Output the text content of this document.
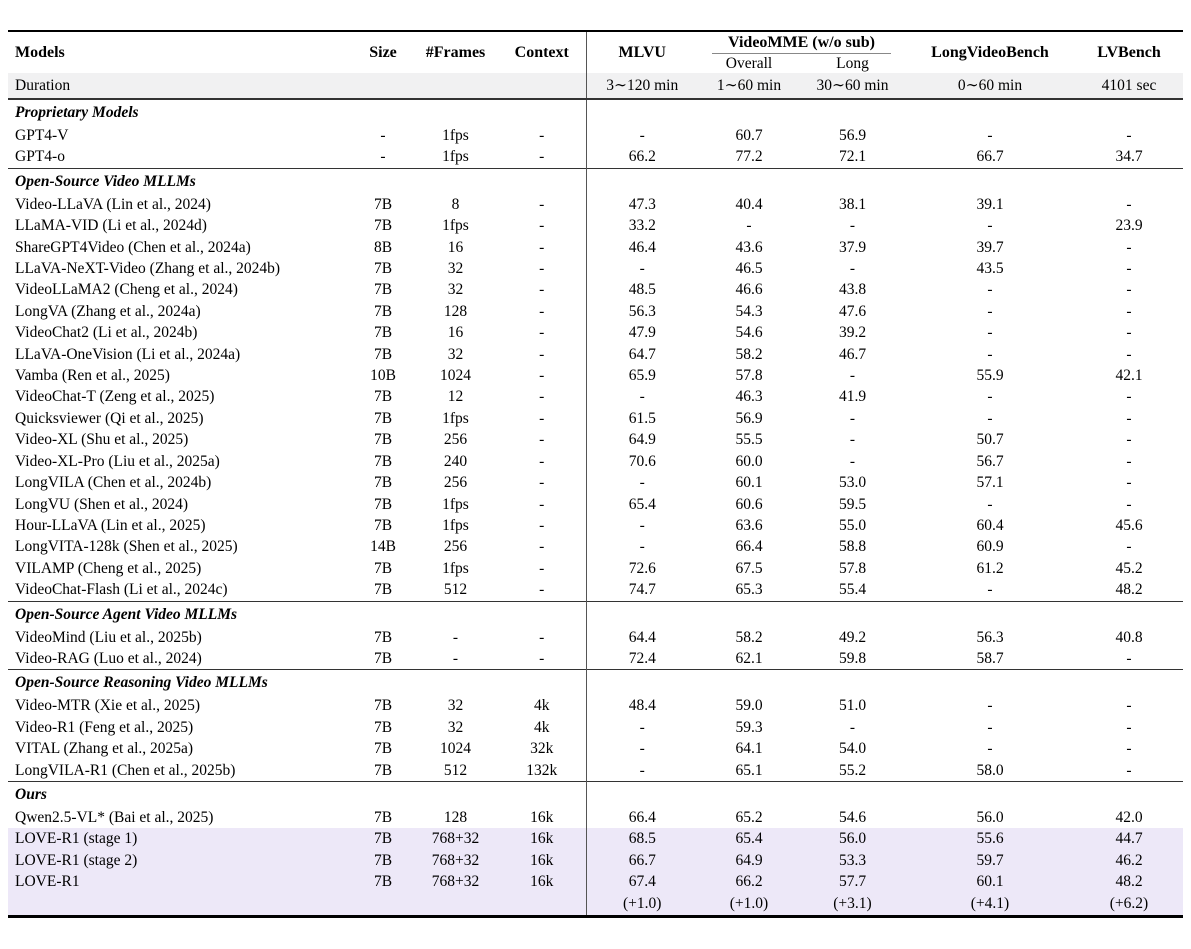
Models	Size	#Frames	Context	MLVU	VideoMME (w/o sub)		LongVideoBench	LVBench
					Overall	Long		
Duration				3∼120 min	1∼60 min	30∼60 min	0∼60 min	4101 sec
Proprietary Models								
GPT4-V	-	1fps	-	-	60.7	56.9	-	-
GPT4-o	-	1fps	-	66.2	77.2	72.1	66.7	34.7
Open-Source Video MLLMs								
Video-LLaVA (Lin et al., 2024)	7B	8	-	47.3	40.4	38.1	39.1	-
LLaMA-VID (Li et al., 2024d)	7B	1fps	-	33.2	-	-	-	23.9
ShareGPT4Video (Chen et al., 2024a)	8B	16	-	46.4	43.6	37.9	39.7	-
LLaVA-NeXT-Video (Zhang et al., 2024b)	7B	32	-	-	46.5	-	43.5	-
VideoLLaMA2 (Cheng et al., 2024)	7B	32	-	48.5	46.6	43.8	-	-
LongVA (Zhang et al., 2024a)	7B	128	-	56.3	54.3	47.6	-	-
VideoChat2 (Li et al., 2024b)	7B	16	-	47.9	54.6	39.2	-	-
LLaVA-OneVision (Li et al., 2024a)	7B	32	-	64.7	58.2	46.7	-	-
Vamba (Ren et al., 2025)	10B	1024	-	65.9	57.8	-	55.9	42.1
VideoChat-T (Zeng et al., 2025)	7B	12	-	-	46.3	41.9	-	-
Quicksviewer (Qi et al., 2025)	7B	1fps	-	61.5	56.9	-	-	-
Video-XL (Shu et al., 2025)	7B	256	-	64.9	55.5	-	50.7	-
Video-XL-Pro (Liu et al., 2025a)	7B	240	-	70.6	60.0	-	56.7	-
LongVILA (Chen et al., 2024b)	7B	256	-	-	60.1	53.0	57.1	-
LongVU (Shen et al., 2024)	7B	1fps	-	65.4	60.6	59.5	-	-
Hour-LLaVA (Lin et al., 2025)	7B	1fps	-	-	63.6	55.0	60.4	45.6
LongVITA-128k (Shen et al., 2025)	14B	256	-	-	66.4	58.8	60.9	-
VILAMP (Cheng et al., 2025)	7B	1fps	-	72.6	67.5	57.8	61.2	45.2
VideoChat-Flash (Li et al., 2024c)	7B	512	-	74.7	65.3	55.4	-	48.2
Open-Source Agent Video MLLMs								
VideoMind (Liu et al., 2025b)	7B	-	-	64.4	58.2	49.2	56.3	40.8
Video-RAG (Luo et al., 2024)	7B	-	-	72.4	62.1	59.8	58.7	-
Open-Source Reasoning Video MLLMs								
Video-MTR (Xie et al., 2025)	7B	32	4k	48.4	59.0	51.0	-	-
Video-R1 (Feng et al., 2025)	7B	32	4k	-	59.3	-	-	-
VITAL (Zhang et al., 2025a)	7B	1024	32k	-	64.1	54.0	-	-
LongVILA-R1 (Chen et al., 2025b)	7B	512	132k	-	65.1	55.2	58.0	-
Ours								
Qwen2.5-VL* (Bai et al., 2025)	7B	128	16k	66.4	65.2	54.6	56.0	42.0
LOVE-R1 (stage 1)	7B	768+32	16k	68.5	65.4	56.0	55.6	44.7
LOVE-R1 (stage 2)	7B	768+32	16k	66.7	64.9	53.3	59.7	46.2
LOVE-R1	7B	768+32	16k	67.4	66.2	57.7	60.1	48.2
				(+1.0)	(+1.0)	(+3.1)	(+4.1)	(+6.2)
